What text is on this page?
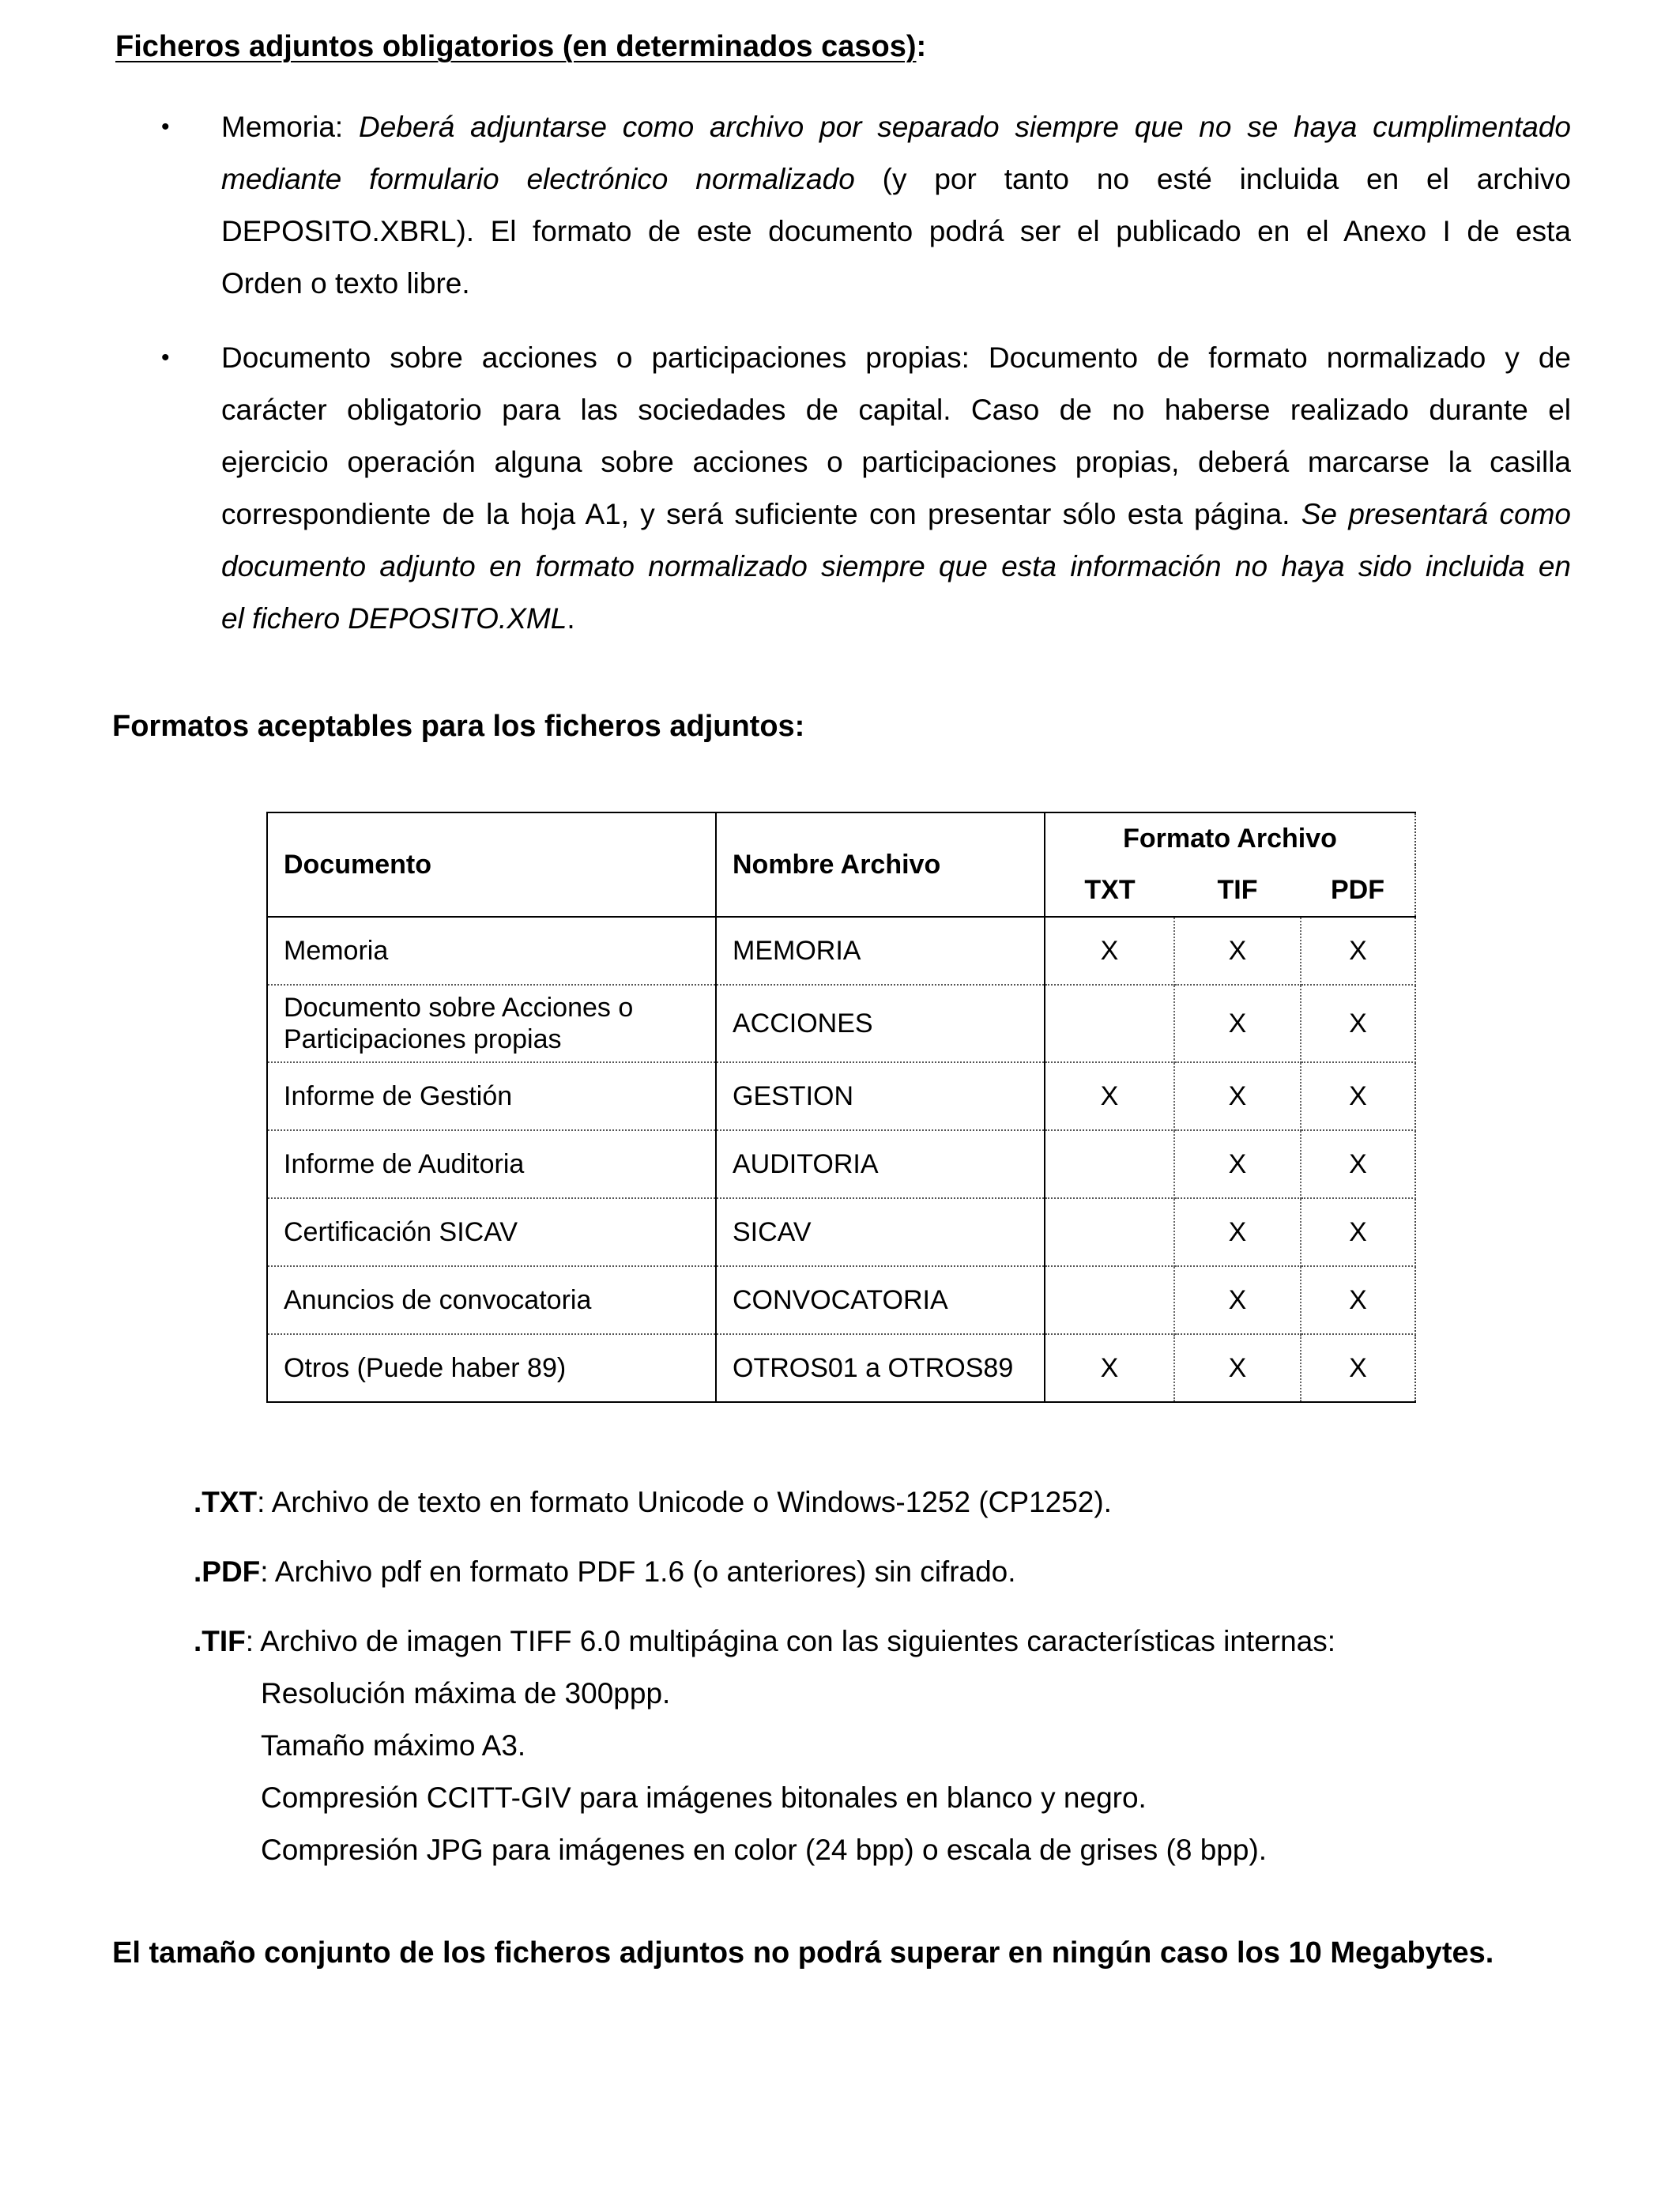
Ficheros adjuntos obligatorios (en determinados casos):
• Memoria: Deberá adjuntarse como archivo por separado siempre que no se haya cumplimentado
mediante formulario electrónico normalizado (y por tanto no esté incluida en el archivo
DEPOSITO.XBRL). El formato de este documento podrá ser el publicado en el Anexo I de esta
Orden o texto libre.
• Documento sobre acciones o participaciones propias: Documento de formato normalizado y de
carácter obligatorio para las sociedades de capital. Caso de no haberse realizado durante el
ejercicio operación alguna sobre acciones o participaciones propias, deberá marcarse la casilla
correspondiente de la hoja A1, y será suficiente con presentar sólo esta página. Se presentará como
documento adjunto en formato normalizado siempre que esta información no haya sido incluida en
el fichero DEPOSITO.XML.
Formatos aceptables para los ficheros adjuntos:
Documento	Nombre Archivo	Formato Archivo		
		TXT	TIF	PDF
Memoria	MEMORIA	X	X	X
Documento sobre Acciones o Participaciones propias	ACCIONES		X	X
Informe de Gestión	GESTION	X	X	X
Informe de Auditoria	AUDITORIA		X	X
Certificación SICAV	SICAV		X	X
Anuncios de convocatoria	CONVOCATORIA		X	X
Otros (Puede haber 89)	OTROS01 a OTROS89	X	X	X
.TXT: Archivo de texto en formato Unicode o Windows-1252 (CP1252).
.PDF: Archivo pdf en formato PDF 1.6 (o anteriores) sin cifrado.
.TIF: Archivo de imagen TIFF 6.0 multipágina con las siguientes características internas:
Resolución máxima de 300ppp.
Tamaño máximo A3.
Compresión CCITT-GIV para imágenes bitonales en blanco y negro.
Compresión JPG para imágenes en color (24 bpp) o escala de grises (8 bpp).
El tamaño conjunto de los ficheros adjuntos no podrá superar en ningún caso los 10 Megabytes.
